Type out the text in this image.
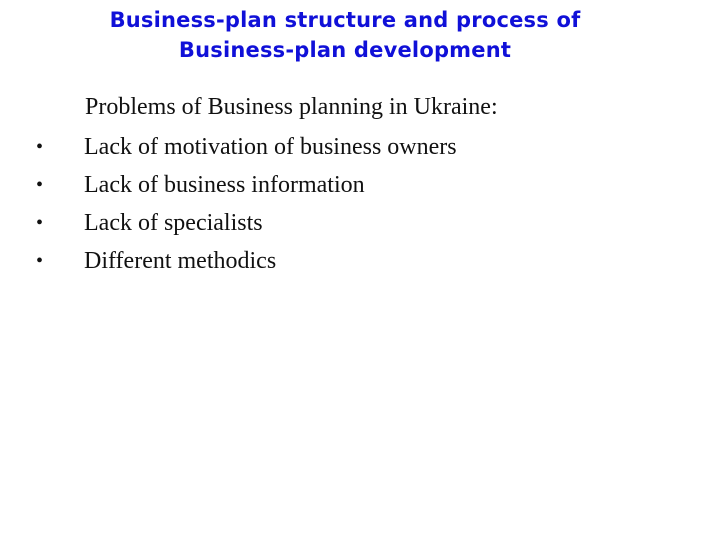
Business-plan structure and process of
Business-plan development
Problems of Business planning in Ukraine:
• Lack of motivation of business owners
• Lack of business information
• Lack of specialists
• Different methodics
